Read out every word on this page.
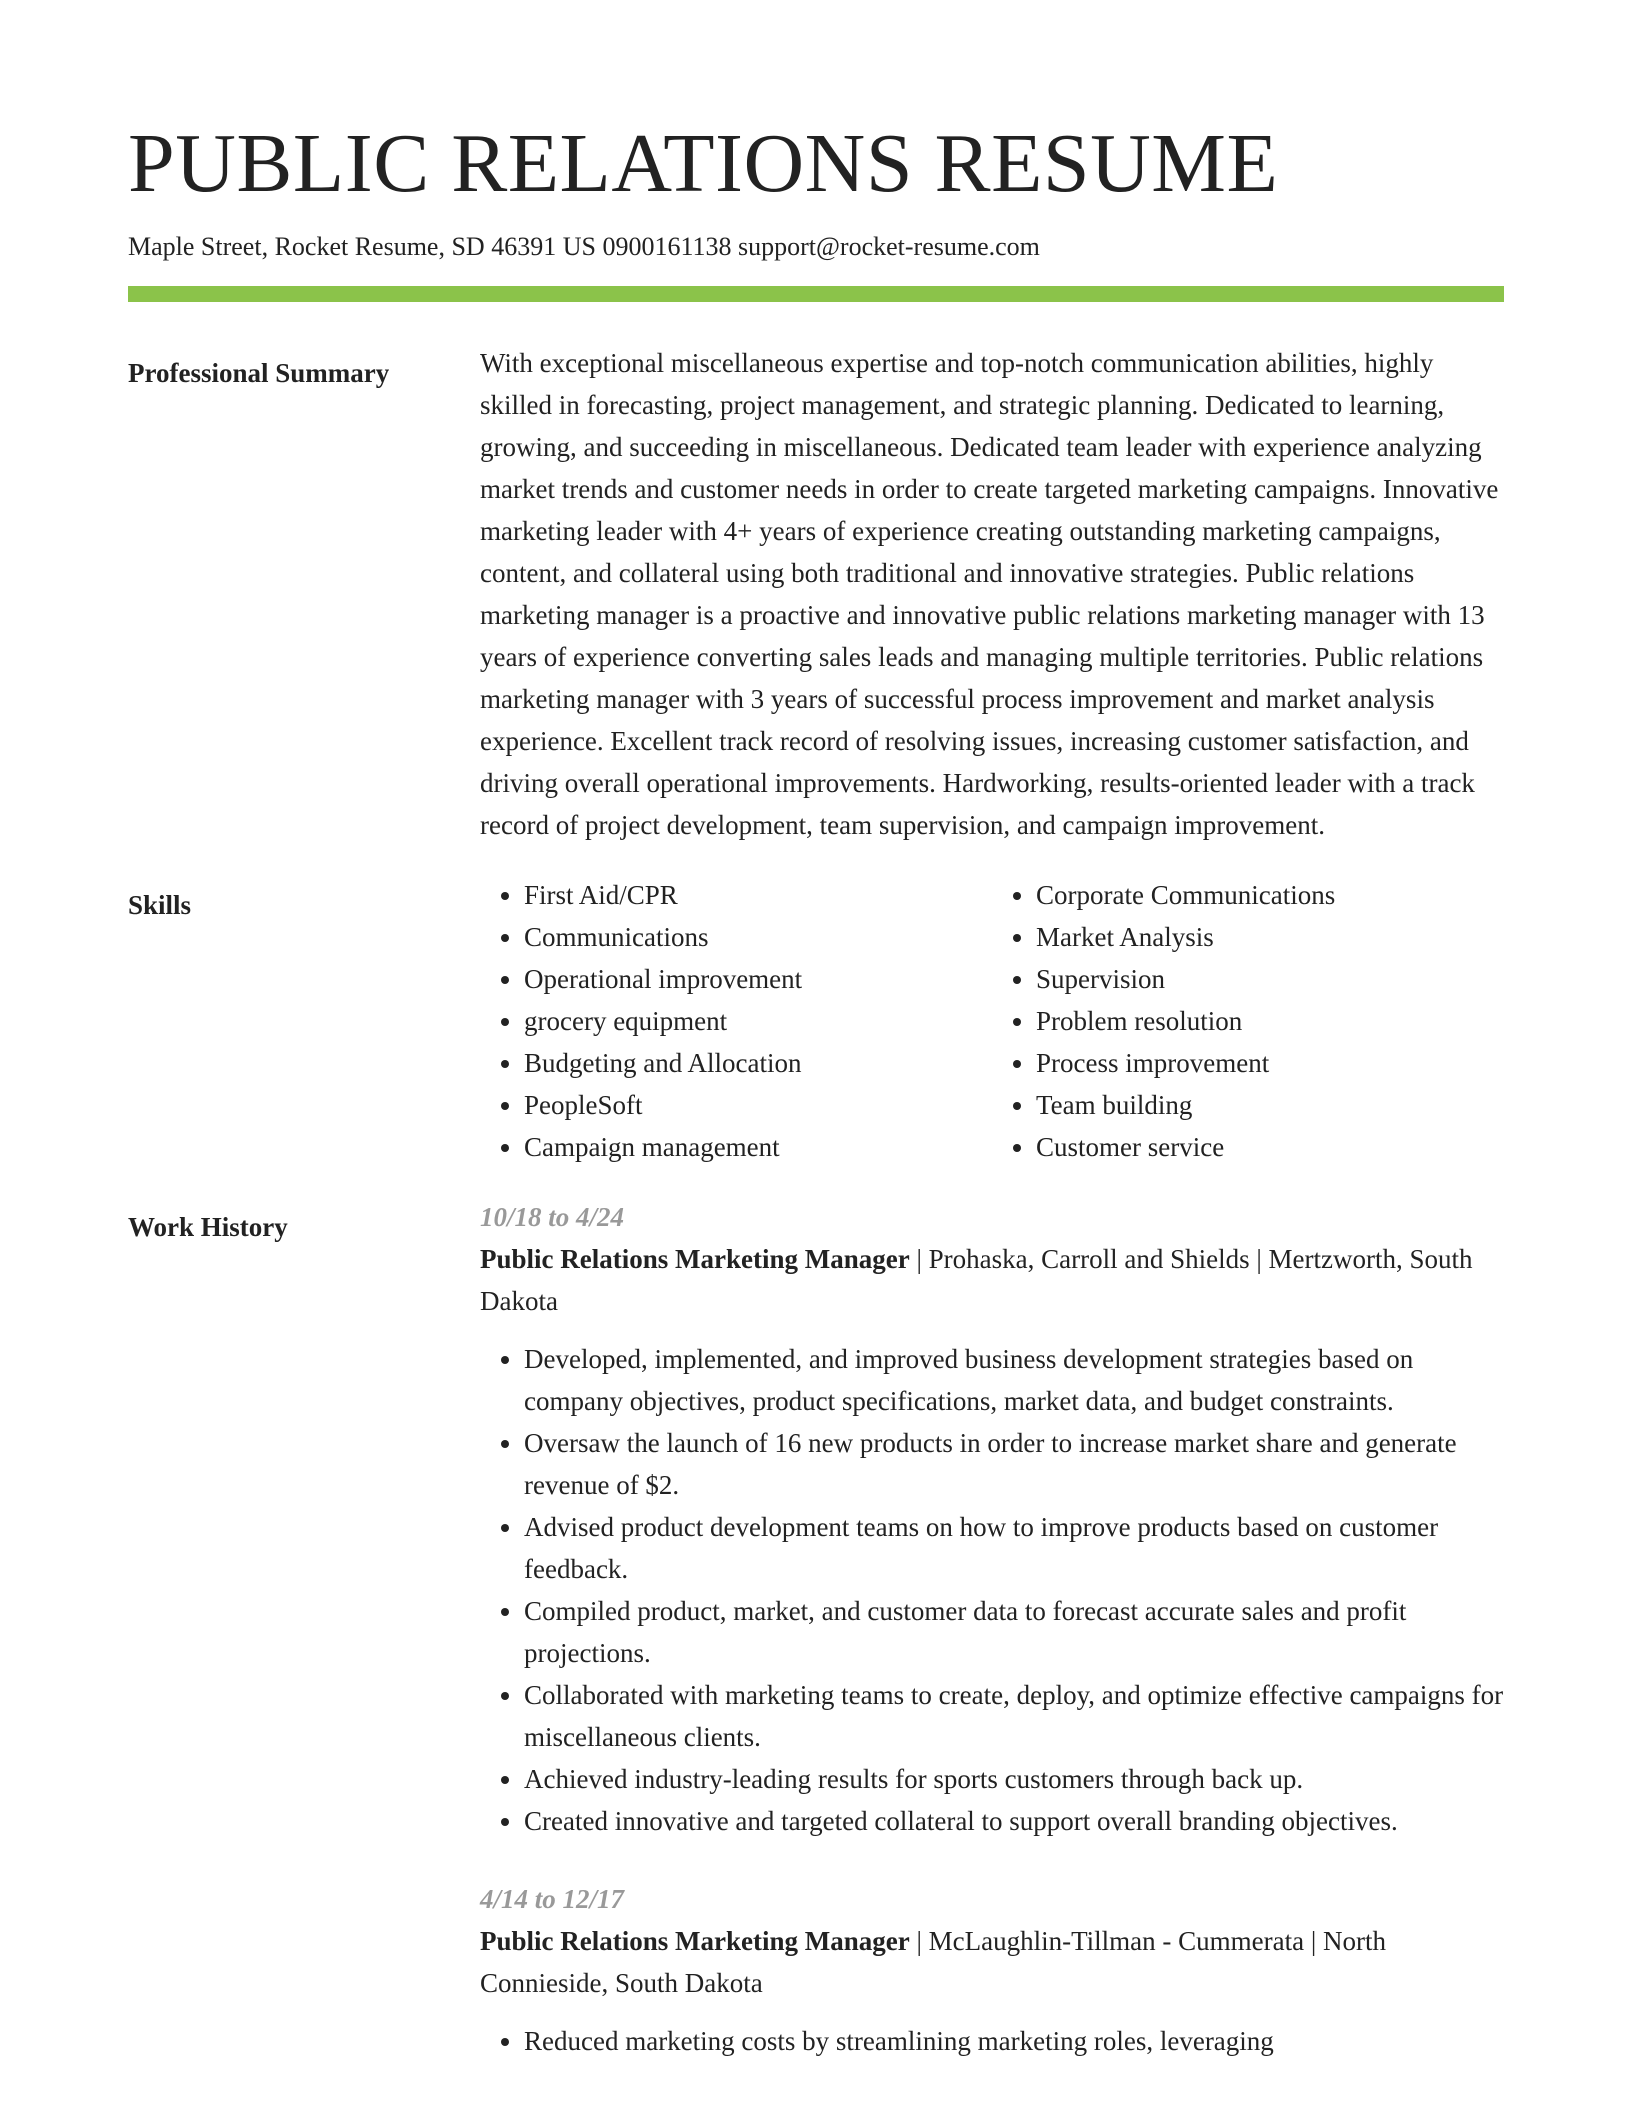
PUBLIC RELATIONS RESUME
Maple Street, Rocket Resume, SD 46391 US 0900161138 support@rocket-resume.com
Professional Summary	With exceptional miscellaneous expertise and top-notch communication abilities, highly skilled in forecasting, project management, and strategic planning. Dedicated to learning, growing, and succeeding in miscellaneous. Dedicated team leader with experience analyzing market trends and customer needs in order to create targeted marketing campaigns. Innovative marketing leader with 4+ years of experience creating outstanding marketing campaigns, content, and collateral using both traditional and innovative strategies. Public relations marketing manager is a proactive and innovative public relations marketing manager with 13 years of experience converting sales leads and managing multiple territories. Public relations marketing manager with 3 years of successful process improvement and market analysis experience. Excellent track record of resolving issues, increasing customer satisfaction, and driving overall operational improvements. Hardworking, results-oriented leader with a track record of project development, team supervision, and campaign improvement.

Skills
•	First Aid/CPR
• Communications
• Operational improvement
• grocery equipment
• Budgeting and Allocation
• PeopleSoft
• Campaign management
• Corporate Communications
• Market Analysis
• Supervision
• Problem resolution
• Process improvement
• Team building
• Customer service
Work History	10/18 to 4/24
Public Relations Marketing Manager | Prohaska, Carroll and Shields | Mertzworth, South Dakota
• Developed, implemented, and improved business development strategies based on company objectives, product specifications, market data, and budget constraints.
• Oversaw the launch of 16 new products in order to increase market share and generate revenue of $2.
• Advised product development teams on how to improve products based on customer feedback.
• Compiled product, market, and customer data to forecast accurate sales and profit projections.
• Collaborated with marketing teams to create, deploy, and optimize effective campaigns for miscellaneous clients.
• Achieved industry-leading results for sports customers through back up.
• Created innovative and targeted collateral to support overall branding objectives.
4/14 to 12/17
Public Relations Marketing Manager | McLaughlin-Tillman - Cummerata | North Connieside, South Dakota
• Reduced marketing costs by streamlining marketing roles, leveraging
